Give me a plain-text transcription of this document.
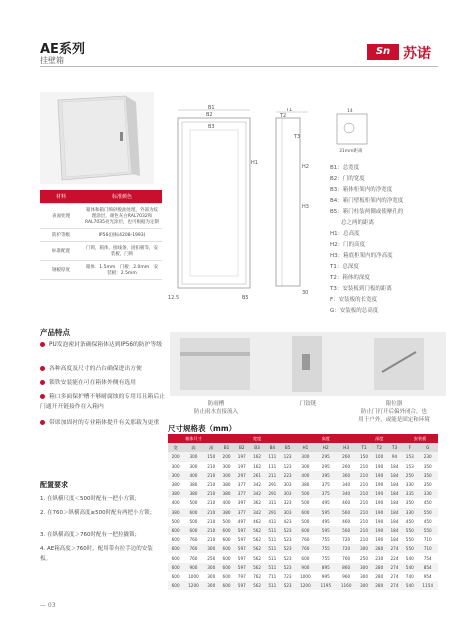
AE系列
挂壁箱
Sn 苏诺
材料	标准颜色
表面处理	箱体和箱门喷砂脱油处理，外部为纹理涂层，颜色灰白RAL7032和RAL7035亮光涂层，也可根据为定制
防护等级	IP56(国标4208-1993)
标准配置	门锁，箱体，接线条，固扣板等，安装板，门锁
钢板厚度	箱体：1.5mm　门板：2.0mm　安装板：2.5mm
B1
B2
B3
H1
12.5	B5
T1
T2
T3
H2
H3
30
14
31mm距离
B1：总宽度
B2：门的宽度
B3：箱体柜架内的净宽度
B4：箱门壁板柜架内的净宽度
B5：箱门柱装两側或使摩孔的
　　总之两的距离
H1：总高度
H2：门的高度
H3：箱底柜架内的净高度
T1：总深度
T2：箱体的深度
T3：安装板到门板的距离
F：安装板的长宽度
G：安装板的总高度
产品特点
PU发泡密封条确保箱体达到IP56的防护等级
各种高度及尺寸的凸台确保进出方便
锁铁安装能在可在箱体外侧有选用
箱口多面保护槽不够耐腐蚀的专用耳且箱后止门通开开链接作在入箱内
带席加固衬的专业箱体提升有关那载为更重
防雨槽
防止雨水直接流入
门铰链	限位器
防止门打开后偏外闭合，也
用于户外，或能是固定和环境
尺寸规格表（mm）
箱体尺寸			宽度					高度			深度			安装板	
宽	高	深	B1	B2	B3	B4	B5	H1	H2	H3	T1	T2	T3	F	G
200	300	150	200	197	162	111	123	300	295	260	150	100	94	153	230
300	300	210	300	197	162	111	123	300	295	260	210	190	184	153	350
300	400	210	300	297	261	211	223	400	395	360	210	190	184	250	350
380	380	210	380	377	342	291	303	380	375	340	210	190	184	330	350
380	380	210	380	377	342	291	303	500	375	340	210	190	184	335	330
400	500	210	400	397	362	311	323	500	495	460	210	190	184	350	450
380	600	210	380	377	342	291	303	600	595	560	210	190	184	330	550
500	500	210	500	497	462	411	423	500	495	460	210	190	184	450	450
600	600	210	600	597	562	511	523	600	595	560	210	190	184	550	550
600	760	210	600	597	562	511	523	760	755	720	210	190	184	550	710
600	760	300	600	597	562	511	523	760	755	720	300	280	274	550	710
600	760	256	600	597	562	511	523	600	755	760	250	230	224	540	754
600	900	300	600	597	562	511	523	900	895	860	300	280	274	540	854
600	1000	300	600	797	762	711	723	1000	995	960	300	280	274	740	954
600	1200	300	600	597	562	511	523	1200	1195	1160	300	280	274	540	1154
配置要求
1. 在纵横尺度＜500时配有一把小方锁；
2. 在760＞纵横高度≥500时配有两把小方锁；
3. 在纵横高度＞760时配有一把拉撬锁；
4. AE箱高度＞760时，配用带有拉手边的安装板。
— 03
